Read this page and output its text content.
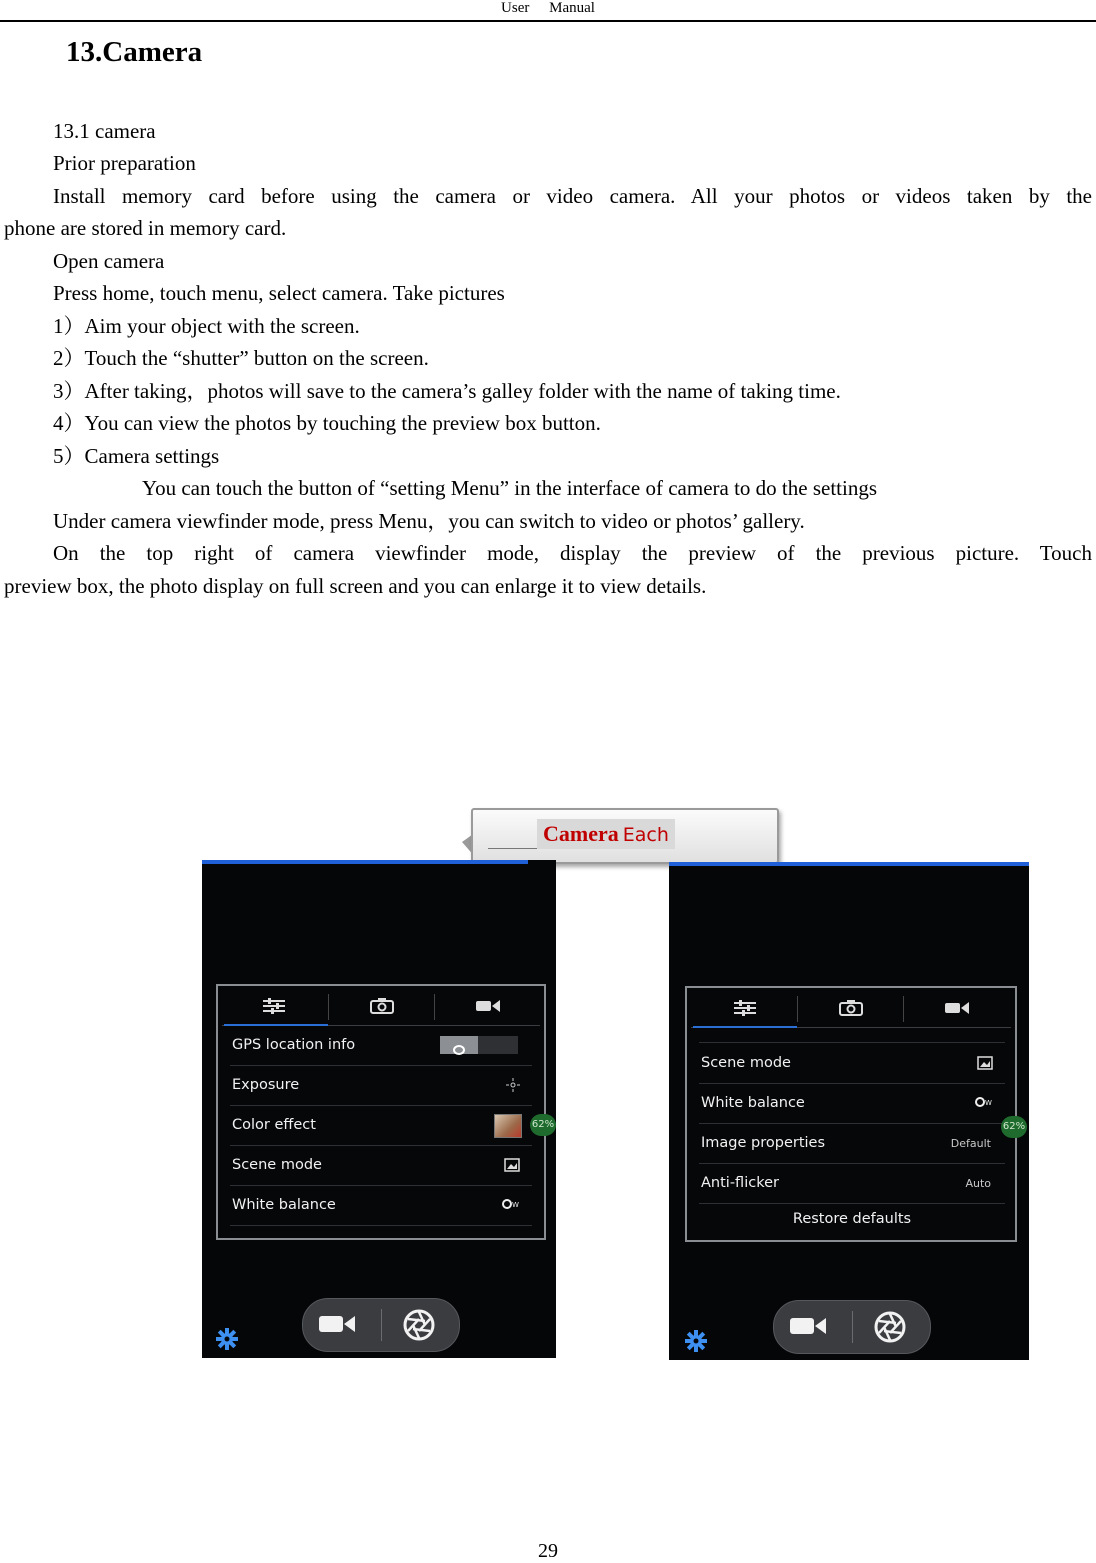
User Manual
13.Camera
13.1 camera
Prior preparation
Install memory card before using the camera or video camera. All your photos or videos taken by the
phone are stored in memory card.
Open camera
Press home, touch menu, select camera. Take pictures
1）Aim your object with the screen.
2）Touch the “shutter” button on the screen.
3）After taking，photos will save to the camera’s galley folder with the name of taking time.
4）You can view the photos by touching the preview box button.
5）Camera settings
You can touch the button of “setting Menu” in the interface of camera to do the settings
Under camera viewfinder mode, press Menu，you can switch to video or photos’ gallery.
On the top right of camera viewfinder mode, display the preview of the previous picture. Touch
preview box, the photo display on full screen and you can enlarge it to view details.
Camera Each
GPS location info
Exposure
Color effect
Scene mode
White balance	W
62%
Scene mode
White balance	W
Image properties	Default
Anti-flicker	Auto
Restore defaults
62%
29
